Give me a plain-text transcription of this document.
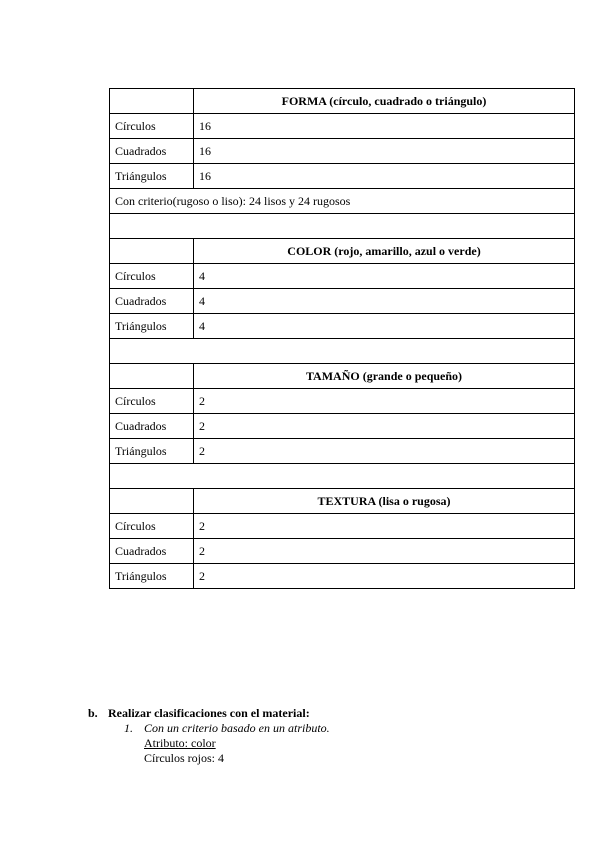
	FORMA (círculo, cuadrado o triángulo)
Círculos	16
Cuadrados	16
Triángulos	16
Con criterio(rugoso o liso): 24 lisos y 24 rugosos	

	COLOR (rojo, amarillo, azul o verde)
Círculos	4
Cuadrados	4
Triángulos	4

	TAMAÑO (grande o pequeño)
Círculos	2
Cuadrados	2
Triángulos	2

	TEXTURA (lisa o rugosa)
Círculos	2
Cuadrados	2
Triángulos	2
b. Realizar clasificaciones con el material:
1. Con un criterio basado en un atributo.
Atributo: color
Círculos rojos: 4
